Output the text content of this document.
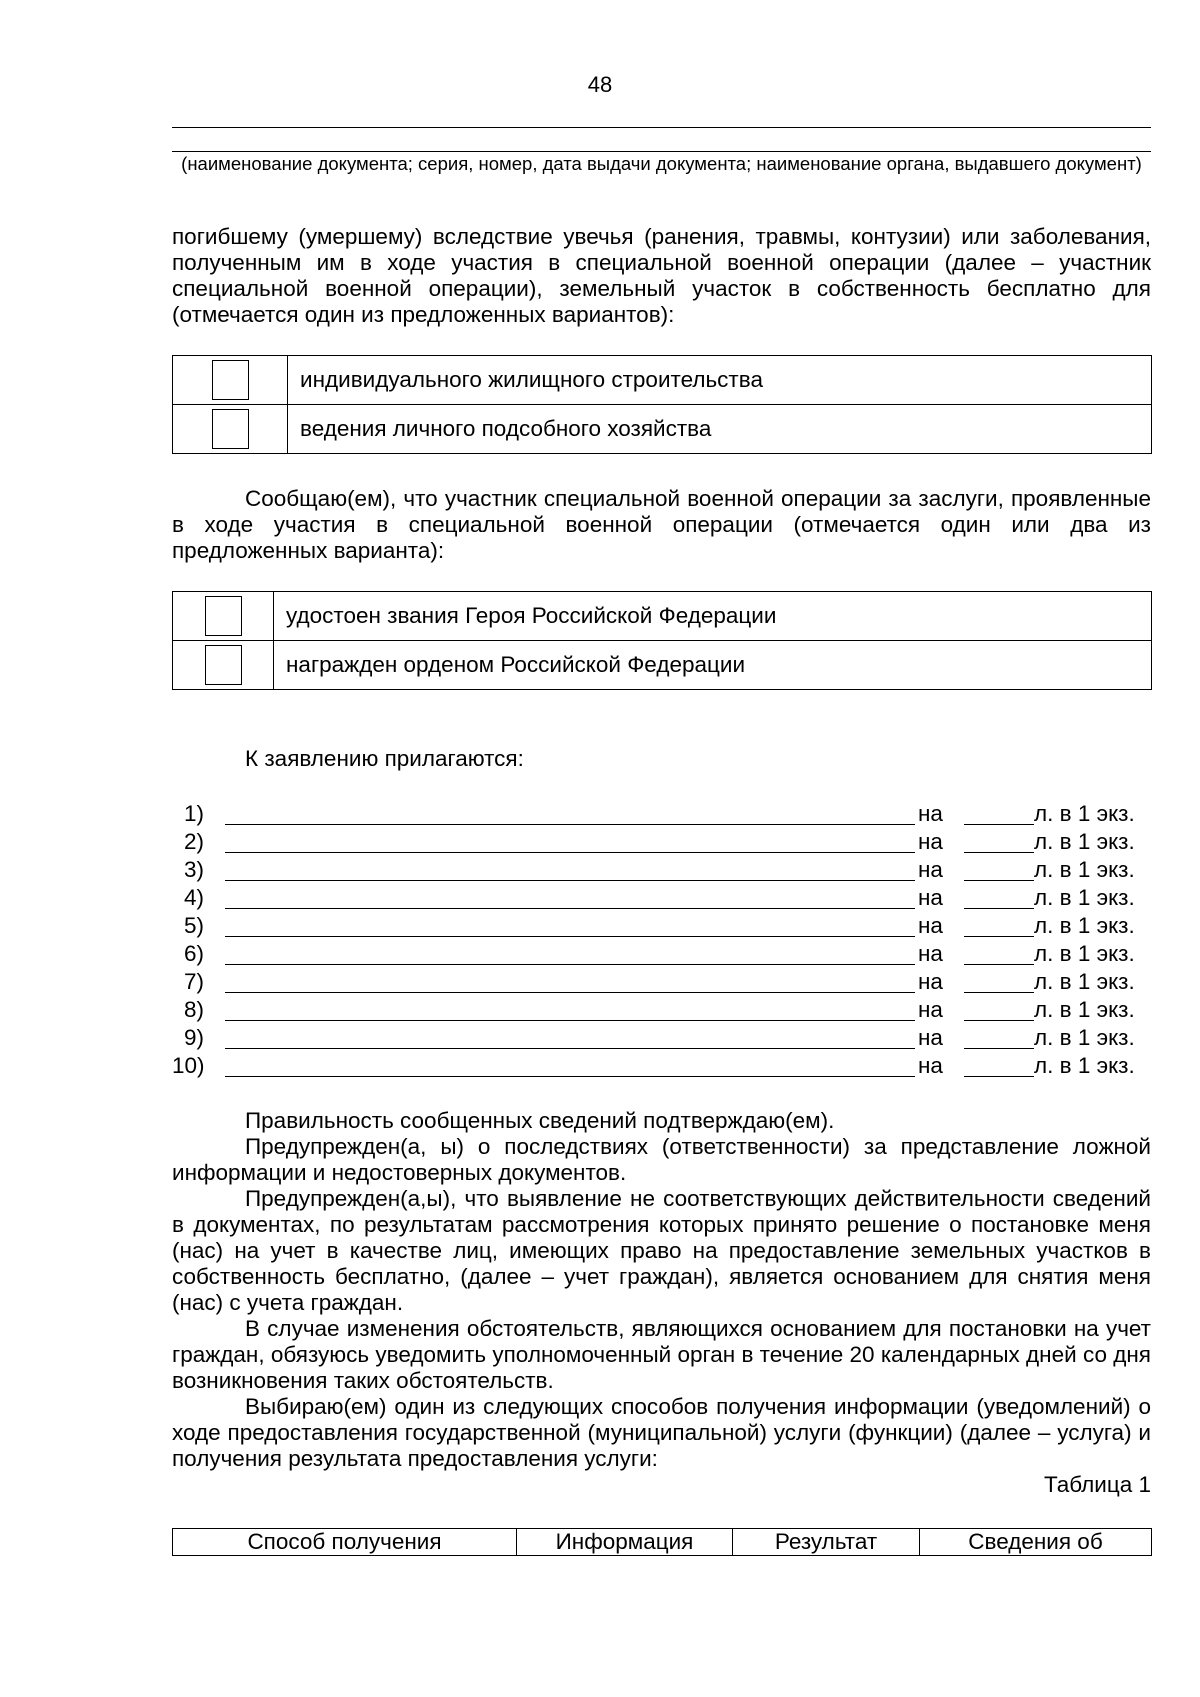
48
(наименование документа; серия, номер, дата выдачи документа; наименование органа, выдавшего документ)
погибшему (умершему) вследствие увечья (ранения, травмы, контузии) или заболевания, полученным им в ходе участия в специальной военной операции (далее – участник специальной военной операции), земельный участок в собственность бесплатно для (отмечается один из предложенных вариантов):
	индивидуального жилищного строительства
	ведения личного подсобного хозяйства
Сообщаю(ем), что участник специальной военной операции за заслуги, проявленные в ходе участия в специальной военной операции (отмечается один или два из предложенных варианта):
	удостоен звания Героя Российской Федерации
	награжден орденом Российской Федерации
К заявлению прилагаются:
1)	на	л. в 1 экз.
2)	на	л. в 1 экз.
3)	на	л. в 1 экз.
4)	на	л. в 1 экз.
5)	на	л. в 1 экз.
6)	на	л. в 1 экз.
7)	на	л. в 1 экз.
8)	на	л. в 1 экз.
9)	на	л. в 1 экз.
10)	на	л. в 1 экз.
Правильность сообщенных сведений подтверждаю(ем).
Предупрежден(а, ы) о последствиях (ответственности) за представление ложной информации и недостоверных документов.
Предупрежден(а,ы), что выявление не соответствующих действительности сведений в документах, по результатам рассмотрения которых принято решение о постановке меня (нас) на учет в качестве лиц, имеющих право на предоставление земельных участков в собственность бесплатно, (далее – учет граждан), является основанием для снятия меня (нас) с учета граждан.
В случае изменения обстоятельств, являющихся основанием для постановки на учет граждан, обязуюсь уведомить уполномоченный орган в течение 20 календарных дней со дня возникновения таких обстоятельств.
Выбираю(ем) один из следующих способов получения информации (уведомлений) о ходе предоставления государственной (муниципальной) услуги (функции) (далее – услуга) и получения результата предоставления услуги:
Таблица 1
Способ получения	Информация	Результат	Сведения об
